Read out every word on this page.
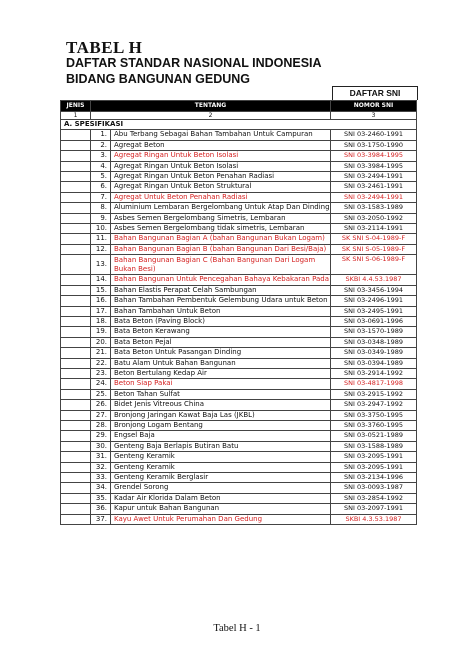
TABEL H
DAFTAR STANDAR NASIONAL INDONESIA
BIDANG BANGUNAN GEDUNG
DAFTAR SNI
JENIS	TENTANG		NOMOR SNI
1	2		3
A. SPESIFIKASI			
	1.	Abu Terbang Sebagai Bahan Tambahan Untuk Campuran	SNI 03-2460-1991
	2.	Agregat Beton	SNI 03-1750-1990
	3.	Agregat Ringan Untuk Beton Isolasi	SNI 03-3984-1995
	4.	Agregat Ringan Untuk Beton Isolasi	SNI 03-3984-1995
	5.	Agregat Ringan Untuk Beton Penahan Radiasi	SNI 03-2494-1991
	6.	Agregat Ringan Untuk Beton Struktural	SNI 03-2461-1991
	7.	Agregat Untuk Beton Penahan Radiasi	SNI 03-2494-1991
	8.	Aluminium Lembaran Bergelombang Untuk Atap Dan Dinding	SNI 03-1583-1989
	9.	Asbes Semen Bergelombang Simetris, Lembaran	SNI 03-2050-1992
	10.	Asbes Semen Bergelombang tidak simetris, Lembaran	SNI 03-2114-1991
	11.	Bahan Bangunan Bagian A (bahan Bangunan Bukan Logam)	SK SNI S-04-1989-F
	12.	Bahan Bangunan Bagian B (bahan Bangunan Dari Besi/Baja)	SK SNI S-05-1989-F
	13.	Bahan Bangunan Bagian C (Bahan Bangunan Dari Logam Bukan Besi)	SK SNI S-06-1989-F
	14.	Bahan Bangunan Untuk Pencegahan Bahaya Kebakaran Pada	SKBI 4.4.53.1987
	15.	Bahan Elastis Perapat Celah Sambungan	SNI 03-3456-1994
	16.	Bahan Tambahan Pembentuk Gelembung Udara untuk Beton	SNI 03-2496-1991
	17.	Bahan Tambahan Untuk Beton	SNI 03-2495-1991
	18.	Bata Beton (Paving Block)	SNI 03-0691-1996
	19.	Bata Beton Kerawang	SNI 03-1570-1989
	20.	Bata Beton Pejal	SNI 03-0348-1989
	21.	Bata Beton Untuk Pasangan Dinding	SNI 03-0349-1989
	22.	Batu Alam Untuk Bahan Bangunan	SNI 03-0394-1989
	23.	Beton Bertulang Kedap Air	SNI 03-2914-1992
	24.	Beton Siap Pakai	SNI 03-4817-1998
	25.	Beton Tahan Sulfat	SNI 03-2915-1992
	26.	Bidet Jenis Vitreous China	SNI 03-2947-1992
	27.	Bronjong Jaringan Kawat Baja Las (JKBL)	SNI 03-3750-1995
	28.	Bronjong Logam Bentang	SNI 03-3760-1995
	29.	Engsel Baja	SNI 03-0521-1989
	30.	Genteng Baja Berlapis Butiran Batu	SNI 03-1588-1989
	31.	Genteng Keramik	SNI 03-2095-1991
	32.	Genteng Keramik	SNI 03-2095-1991
	33.	Genteng Keramik Berglasir	SNI 03-2134-1996
	34.	Grendel Sorong	SNI 03-0093-1987
	35.	Kadar Air Klorida Dalam Beton	SNI 03-2854-1992
	36.	Kapur untuk Bahan Bangunan	SNI 03-2097-1991
	37.	Kayu Awet Untuk Perumahan Dan Gedung	SKBI 4.3.53.1987
Tabel H - 1
